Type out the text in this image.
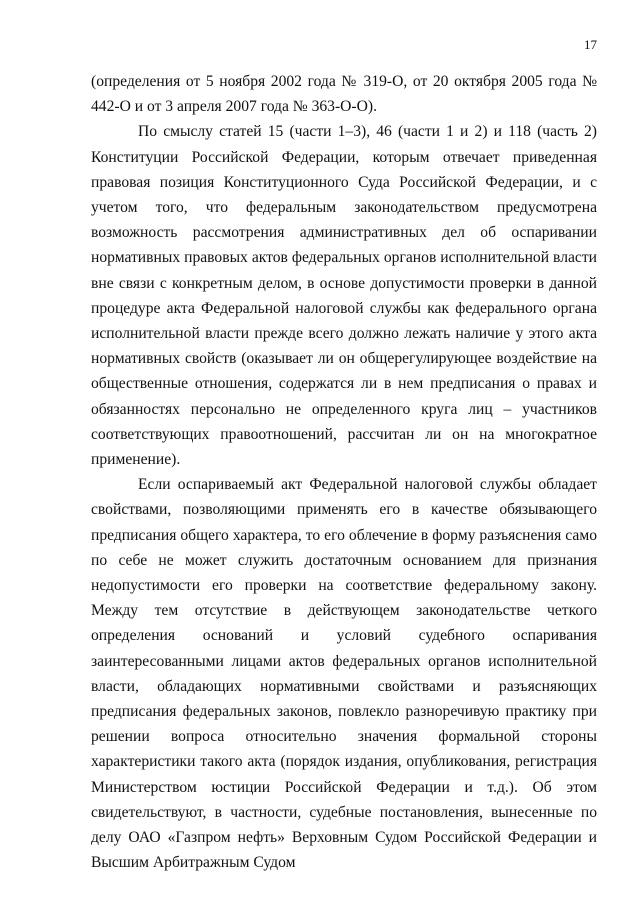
17

(определения от 5 ноября 2002 года № 319-О, от 20 октября 2005 года № 442-О и от 3 апреля 2007 года № 363-О-О).

По смыслу статей 15 (части 1–3), 46 (части 1 и 2) и 118 (часть 2) Конституции Российской Федерации, которым отвечает приведенная правовая позиция Конституционного Суда Российской Федерации, и с учетом того, что федеральным законодательством предусмотрена возможность рассмотрения административных дел об оспаривании нормативных правовых актов федеральных органов исполнительной власти вне связи с конкретным делом, в основе допустимости проверки в данной процедуре акта Федеральной налоговой службы как федерального органа исполнительной власти прежде всего должно лежать наличие у этого акта нормативных свойств (оказывает ли он общерегулирующее воздействие на общественные отношения, содержатся ли в нем предписания о правах и обязанностях персонально не определенного круга лиц – участников соответствующих правоотношений, рассчитан ли он на многократное применение).

Если оспариваемый акт Федеральной налоговой службы обладает свойствами, позволяющими применять его в качестве обязывающего предписания общего характера, то его облечение в форму разъяснения само по себе не может служить достаточным основанием для признания недопустимости его проверки на соответствие федеральному закону. Между тем отсутствие в действующем законодательстве четкого определения оснований и условий судебного оспаривания заинтересованными лицами актов федеральных органов исполнительной власти, обладающих нормативными свойствами и разъясняющих предписания федеральных законов, повлекло разноречивую практику при решении вопроса относительно значения формальной стороны характеристики такого акта (порядок издания, опубликования, регистрация Министерством юстиции Российской Федерации и т.д.). Об этом свидетельствуют, в частности, судебные постановления, вынесенные по делу ОАО «Газпром нефть» Верховным Судом Российской Федерации и Высшим Арбитражным Судом
